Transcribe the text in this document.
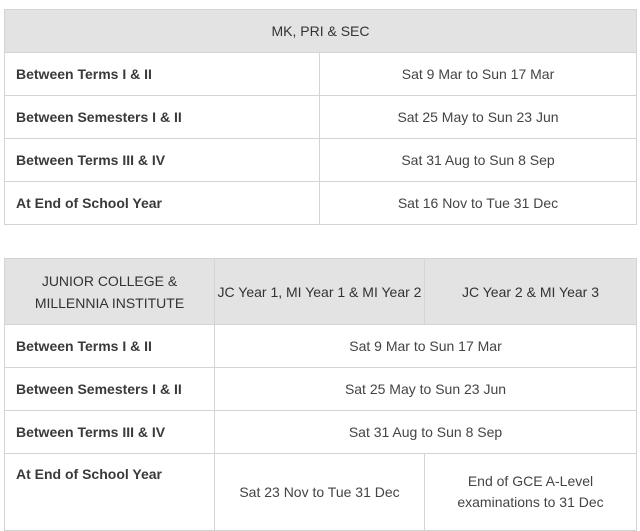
MK, PRI & SEC	
Between Terms I & II	Sat 9 Mar to Sun 17 Mar
Between Semesters I & II	Sat 25 May to Sun 23 Jun
Between Terms III & IV	Sat 31 Aug to Sun 8 Sep
At End of School Year	Sat 16 Nov to Tue 31 Dec
JUNIOR COLLEGE & MILLENNIA INSTITUTE	JC Year 1, MI Year 1 & MI Year 2	JC Year 2 & MI Year 3
Between Terms I & II	Sat 9 Mar to Sun 17 Mar	
Between Semesters I & II	Sat 25 May to Sun 23 Jun	
Between Terms III & IV	Sat 31 Aug to Sun 8 Sep	
At End of School Year	Sat 23 Nov to Tue 31 Dec	End of GCE A-Level examinations to 31 Dec
